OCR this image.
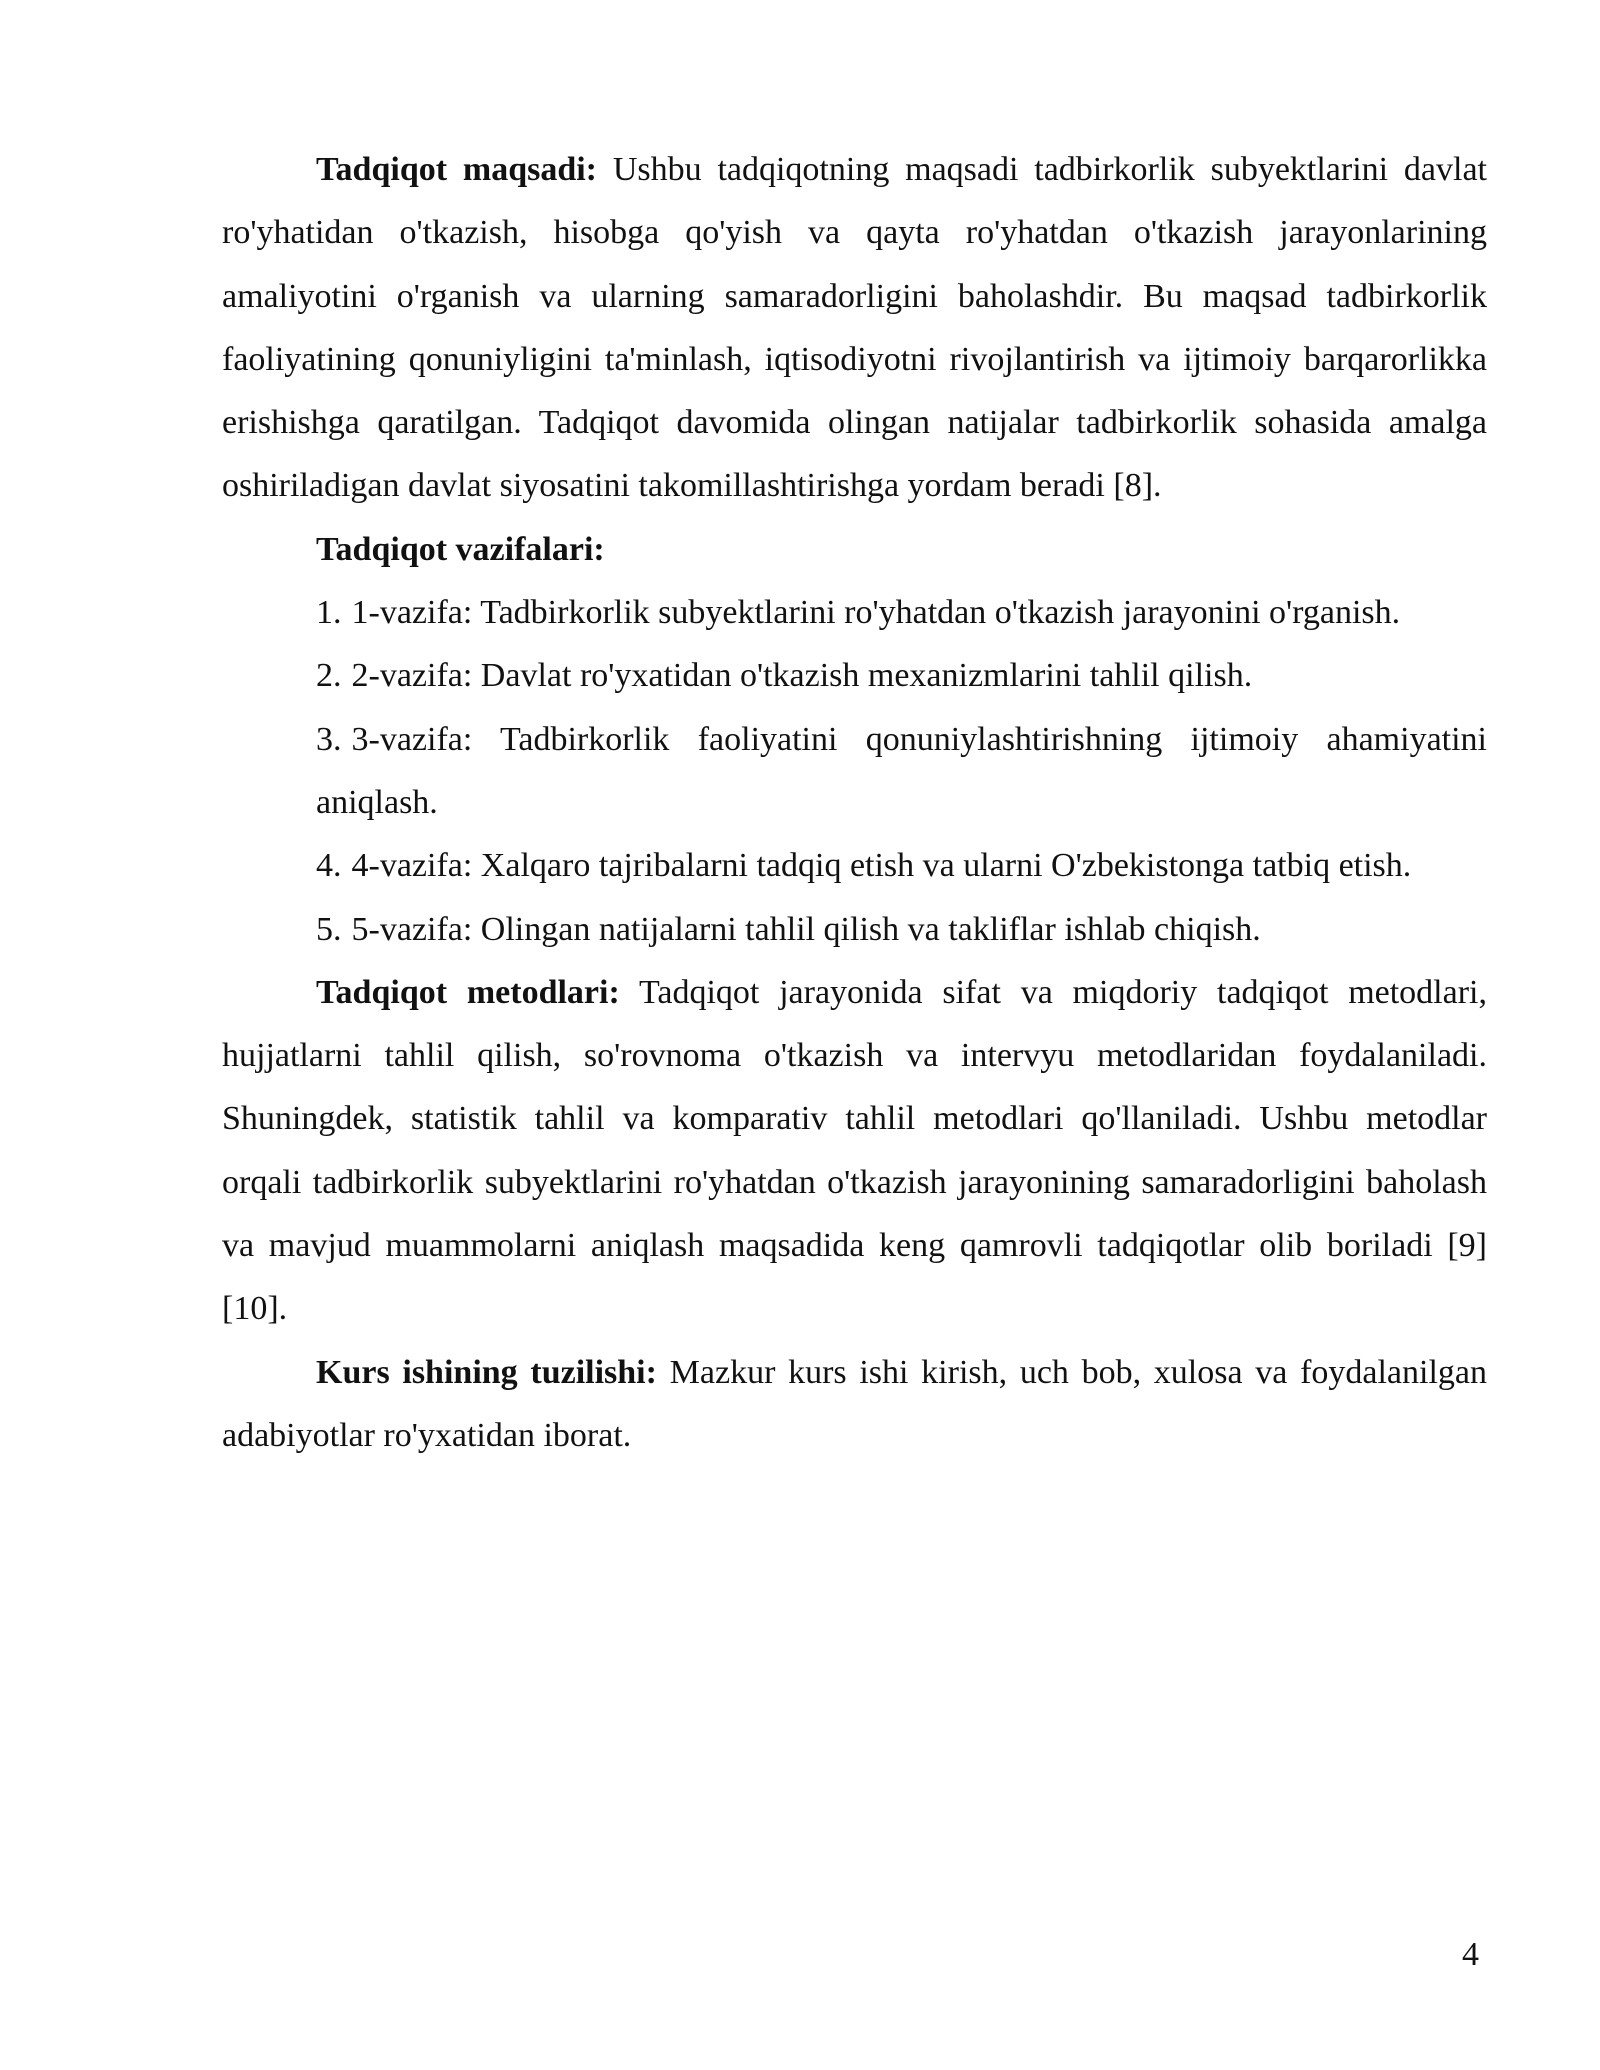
Tadqiqot maqsadi: Ushbu tadqiqotning maqsadi tadbirkorlik subyektlarini davlat ro'yhatidan o'tkazish, hisobga qo'yish va qayta ro'yhatdan o'tkazish jarayonlarining amaliyotini o'rganish va ularning samaradorligini baholashdir. Bu maqsad tadbirkorlik faoliyatining qonuniyligini ta'minlash, iqtisodiyotni rivojlantirish va ijtimoiy barqarorlikka erishishga qaratilgan. Tadqiqot davomida olingan natijalar tadbirkorlik sohasida amalga oshiriladigan davlat siyosatini takomillashtirishga yordam beradi [8].

Tadqiqot vazifalari:

1. 1-vazifa: Tadbirkorlik subyektlarini ro'yhatdan o'tkazish jarayonini o'rganish.
2. 2-vazifa: Davlat ro'yxatidan o'tkazish mexanizmlarini tahlil qilish.
3. 3-vazifa: Tadbirkorlik faoliyatini qonuniylashtirishning ijtimoiy ahamiyatini aniqlash.
4. 4-vazifa: Xalqaro tajribalarni tadqiq etish va ularni O'zbekistonga tatbiq etish.
5. 5-vazifa: Olingan natijalarni tahlil qilish va takliflar ishlab chiqish.

Tadqiqot metodlari: Tadqiqot jarayonida sifat va miqdoriy tadqiqot metodlari, hujjatlarni tahlil qilish, so'rovnoma o'tkazish va intervyu metodlaridan foydalaniladi. Shuningdek, statistik tahlil va komparativ tahlil metodlari qo'llaniladi. Ushbu metodlar orqali tadbirkorlik subyektlarini ro'yhatdan o'tkazish jarayonining samaradorligini baholash va mavjud muammolarni aniqlash maqsadida keng qamrovli tadqiqotlar olib boriladi [9][10].

Kurs ishining tuzilishi: Mazkur kurs ishi kirish, uch bob, xulosa va foydalanilgan adabiyotlar ro'yxatidan iborat.

4
